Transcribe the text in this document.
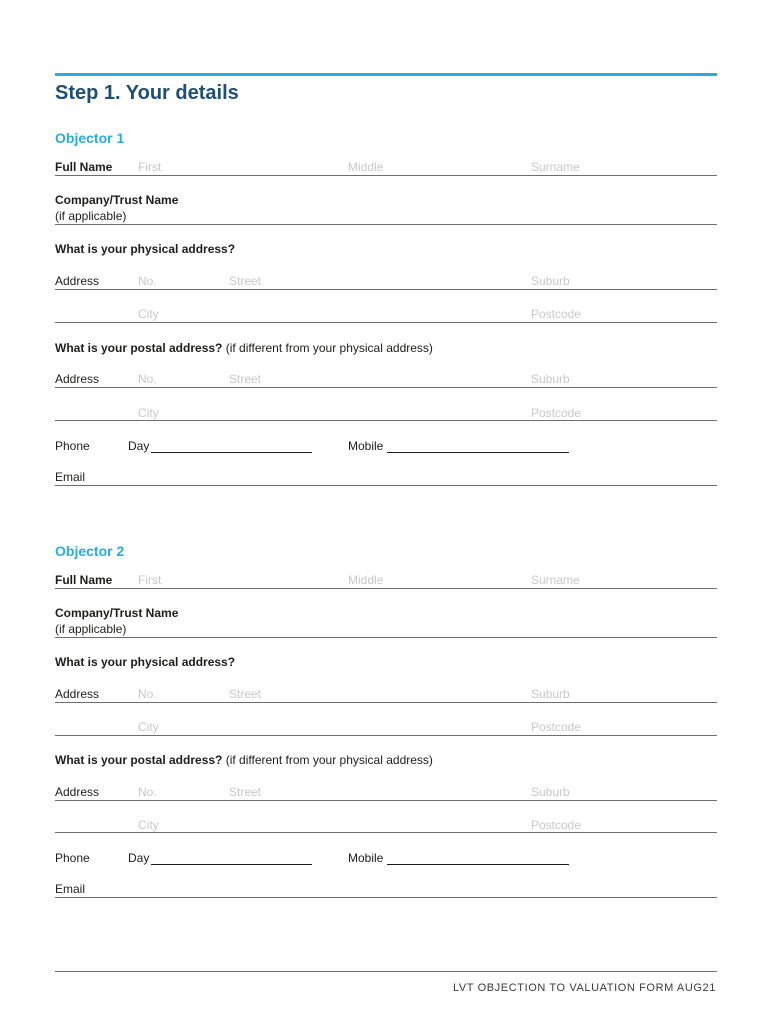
Step 1. Your details
Objector 1
Full Name First	Middle	Surname
Company/Trust Name
(if applicable)
What is your physical address?
Address	No.	Street	Suburb
City	Postcode
What is your postal address? (if different from your physical address)
Address	No.	Street	Suburb
City	Postcode
Phone	Day	Mobile
Email
Objector 2
Full Name First	Middle	Surname
Company/Trust Name
(if applicable)
What is your physical address?
Address	No.	Street	Suburb
City	Postcode
What is your postal address? (if different from your physical address)
Address	No.	Street	Suburb
City	Postcode
Phone	Day	Mobile
Email
LVT OBJECTION TO VALUATION FORM AUG21
